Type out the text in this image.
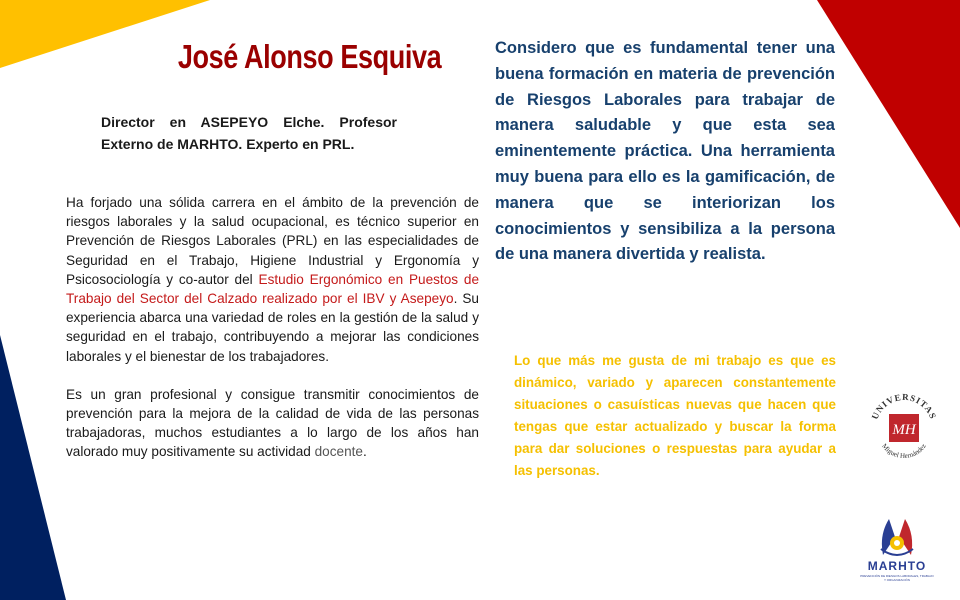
José Alonso Esquiva
Director en ASEPEYO Elche. Profesor Externo de MARHTO. Experto en PRL.

Ha forjado una sólida carrera en el ámbito de la prevención de riesgos laborales y la salud ocupacional, es técnico superior en Prevención de Riesgos Laborales (PRL) en las especialidades de Seguridad en el Trabajo, Higiene Industrial y Ergonomía y Psicosociología y co-autor del Estudio Ergonómico en Puestos de Trabajo del Sector del Calzado realizado por el IBV y Asepeyo. Su experiencia abarca una variedad de roles en la gestión de la salud y seguridad en el trabajo, contribuyendo a mejorar las condiciones laborales y el bienestar de los trabajadores.

Es un gran profesional y consigue transmitir conocimientos de prevención para la mejora de la calidad de vida de las personas trabajadoras, muchos estudiantes a lo largo de los años han valorado muy positivamente su actividad docente.

Considero que es fundamental tener una buena formación en materia de prevención de Riesgos Laborales para trabajar de manera saludable y que esta sea eminentemente práctica. Una herramienta muy buena para ello es la gamificación, de manera que se interiorizan los conocimientos y sensibiliza a la persona de una manera divertida y realista.
Lo que más me gusta de mi trabajo es que es dinámico, variado y aparecen constantemente situaciones o casuísticas nuevas que hacen que tengas que estar actualizado y buscar la forma para dar soluciones o respuestas para ayudar a las personas.
UNIVERSITAS
Miguel Hernández
MH
MARHTO
PREVENCIÓN DE RIESGOS LABORALES, TRABAJO Y ORGANIZACIÓN
